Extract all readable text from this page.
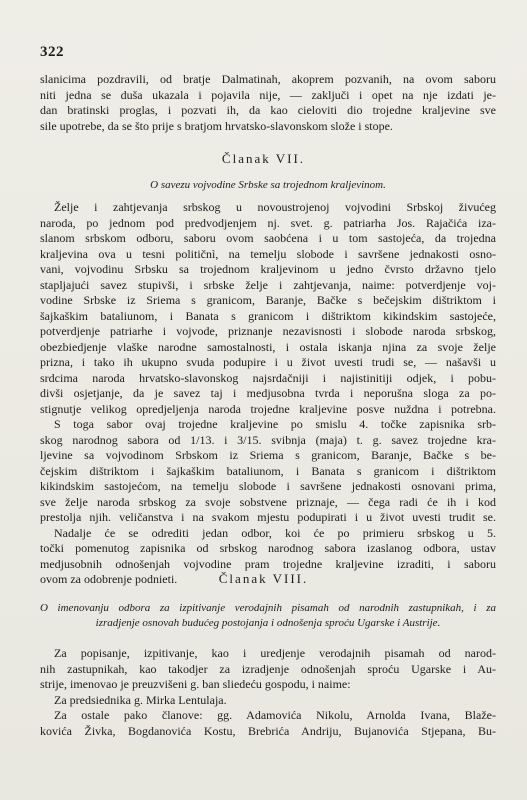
322
slanicima pozdravili, od bratje Dalmatinah, akoprem pozvanih, na ovom saboru
niti jedna se duša ukazala i pojavila nije, — zaključi i opet na nje izdati je-
dan bratinski proglas, i pozvati ih, da kao cieloviti dio trojedne kraljevine sve
sile upotrebe, da se što prije s bratjom hrvatsko-slavonskom slože i stope.
Članak VII.
O savezu vojvodine Srbske sa trojednom kraljevinom.
Želje i zahtjevanja srbskog u novoustrojenoj vojvodini Srbskoj živućeg
naroda, po jednom pod predvodjenjem nj. svet. g. patriarha Jos. Rajačića iza-
slanom srbskom odboru, saboru ovom saobćena i u tom sastojeća, da trojedna
kraljevina ova u tesni političnì, na temelju slobode i savršene jednakosti osno-
vani, vojvodinu Srbsku sa trojednom kraljevinom u jedno čvrsto državno tjelo
stapljajući savez stupivši, i srbske želje i zahtjevanja, naime: potverdjenje voj-
vodine Srbske iz Sriema s granicom, Baranje, Bačke s bečejskim dištriktom i
šajkaškim bataliunom, i Banata s granicom i dištriktom kikindskim sastojeće,
potverdjenje patriarhe i vojvode, priznanje nezavisnosti i slobode naroda srbskog,
obezbiedjenje vlaške narodne samostalnosti, i ostala iskanja njina za svoje želje
prizna, i tako ih ukupno svuda podupire i u život uvesti trudi se, — našavši u
srdcima naroda hrvatsko-slavonskog najsrdačniji i najistinitiji odjek, i pobu-
divši osjetjanje, da je savez taj i medjusobna tvrda i neporušna sloga za po-
stignutje velikog opredjeljenja naroda trojedne kraljevine posve nuždna i potrebna.
S toga sabor ovaj trojedne kraljevine po smislu 4. točke zapisnika srb-
skog narodnog sabora od 1/13. i 3/15. svibnja (maja) t. g. savez trojedne kra-
ljevine sa vojvodinom Srbskom iz Sriema s granicom, Baranje, Bačke s be-
čejskim dištriktom i šajkaškim bataliunom, i Banata s granicom i dištriktom
kikindskim sastojećom, na temelju slobode i savršene jednakosti osnovani prima,
sve želje naroda srbskog za svoje sobstvene priznaje, — čega radi će ih i kod
prestolja njih. veličanstva i na svakom mjestu podupirati i u život uvesti trudit se.
Nadalje će se odrediti jedan odbor, koi će po primieru srbskog u 5.
točki pomenutog zapisnika od srbskog narodnog sabora izaslanog odbora, ustav
medjusobnih odnošenjah vojvodine pram trojedne kraljevine izraditi, i saboru
ovom za odobrenje podnieti.	Članak VIII.
O imenovanju odbora za izpitivanje verodajnih pisamah od narodnih zastupnikah, i za
izradjenje osnovah budućeg postojanja i odnošenja sproću Ugarske i Austrije.
Za popisanje, izpitivanje, kao i uredjenje verodajnih pisamah od narod-
nih zastupnikah, kao takodjer za izradjenje odnošenjah sproću Ugarske i Au-
strije, imenovao je preuzvišeni g. ban sliedeću gospodu, i naime:
Za predsiednika g. Mirka Lentulaja.
Za ostale pako članove: gg. Adamovića Nikolu, Arnolda Ivana, Blaže-
kovića Živka, Bogdanovića Kostu, Brebrića Andriju, Bujanovića Stjepana, Bu-
